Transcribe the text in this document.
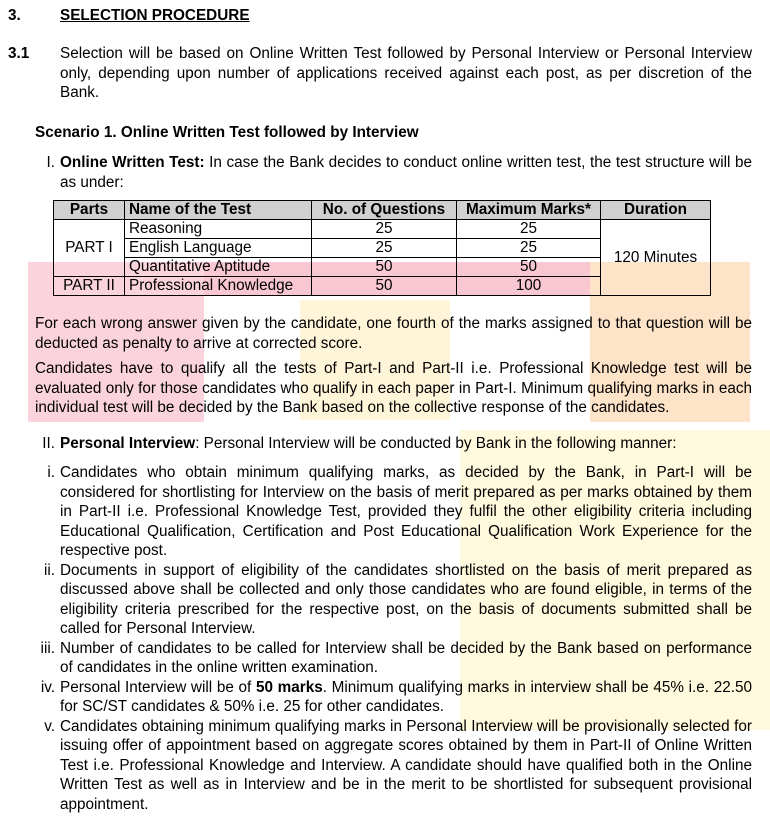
3.	SELECTION PROCEDURE
3.1 Selection will be based on Online Written Test followed by Personal Interview or Personal Interview only, depending upon number of applications received against each post, as per discretion of the Bank.
Scenario 1. Online Written Test followed by Interview
I. Online Written Test: In case the Bank decides to conduct online written test, the test structure will be as under:
Parts	Name of the Test	No. of Questions	Maximum Marks*	Duration
PART I	Reasoning	25	25	120 Minutes
	English Language	25	25	
	Quantitative Aptitude	50	50	
PART II	Professional Knowledge	50	100	
For each wrong answer given by the candidate, one fourth of the marks assigned to that question will be deducted as penalty to arrive at corrected score.
Candidates have to qualify all the tests of Part-I and Part-II i.e. Professional Knowledge test will be evaluated only for those candidates who qualify in each paper in Part-I. Minimum qualifying marks in each individual test will be decided by the Bank based on the collective response of the candidates.
II. Personal Interview: Personal Interview will be conducted by Bank in the following manner:
i. Candidates who obtain minimum qualifying marks, as decided by the Bank, in Part-I will be considered for shortlisting for Interview on the basis of merit prepared as per marks obtained by them in Part-II i.e. Professional Knowledge Test, provided they fulfil the other eligibility criteria including Educational Qualification, Certification and Post Educational Qualification Work Experience for the respective post.
ii. Documents in support of eligibility of the candidates shortlisted on the basis of merit prepared as discussed above shall be collected and only those candidates who are found eligible, in terms of the eligibility criteria prescribed for the respective post, on the basis of documents submitted shall be called for Personal Interview.
iii. Number of candidates to be called for Interview shall be decided by the Bank based on performance of candidates in the online written examination.
iv. Personal Interview will be of 50 marks. Minimum qualifying marks in interview shall be 45% i.e. 22.50 for SC/ST candidates & 50% i.e. 25 for other candidates.
v. Candidates obtaining minimum qualifying marks in Personal Interview will be provisionally selected for issuing offer of appointment based on aggregate scores obtained by them in Part-II of Online Written Test i.e. Professional Knowledge and Interview. A candidate should have qualified both in the Online Written Test as well as in Interview and be in the merit to be shortlisted for subsequent provisional appointment.
